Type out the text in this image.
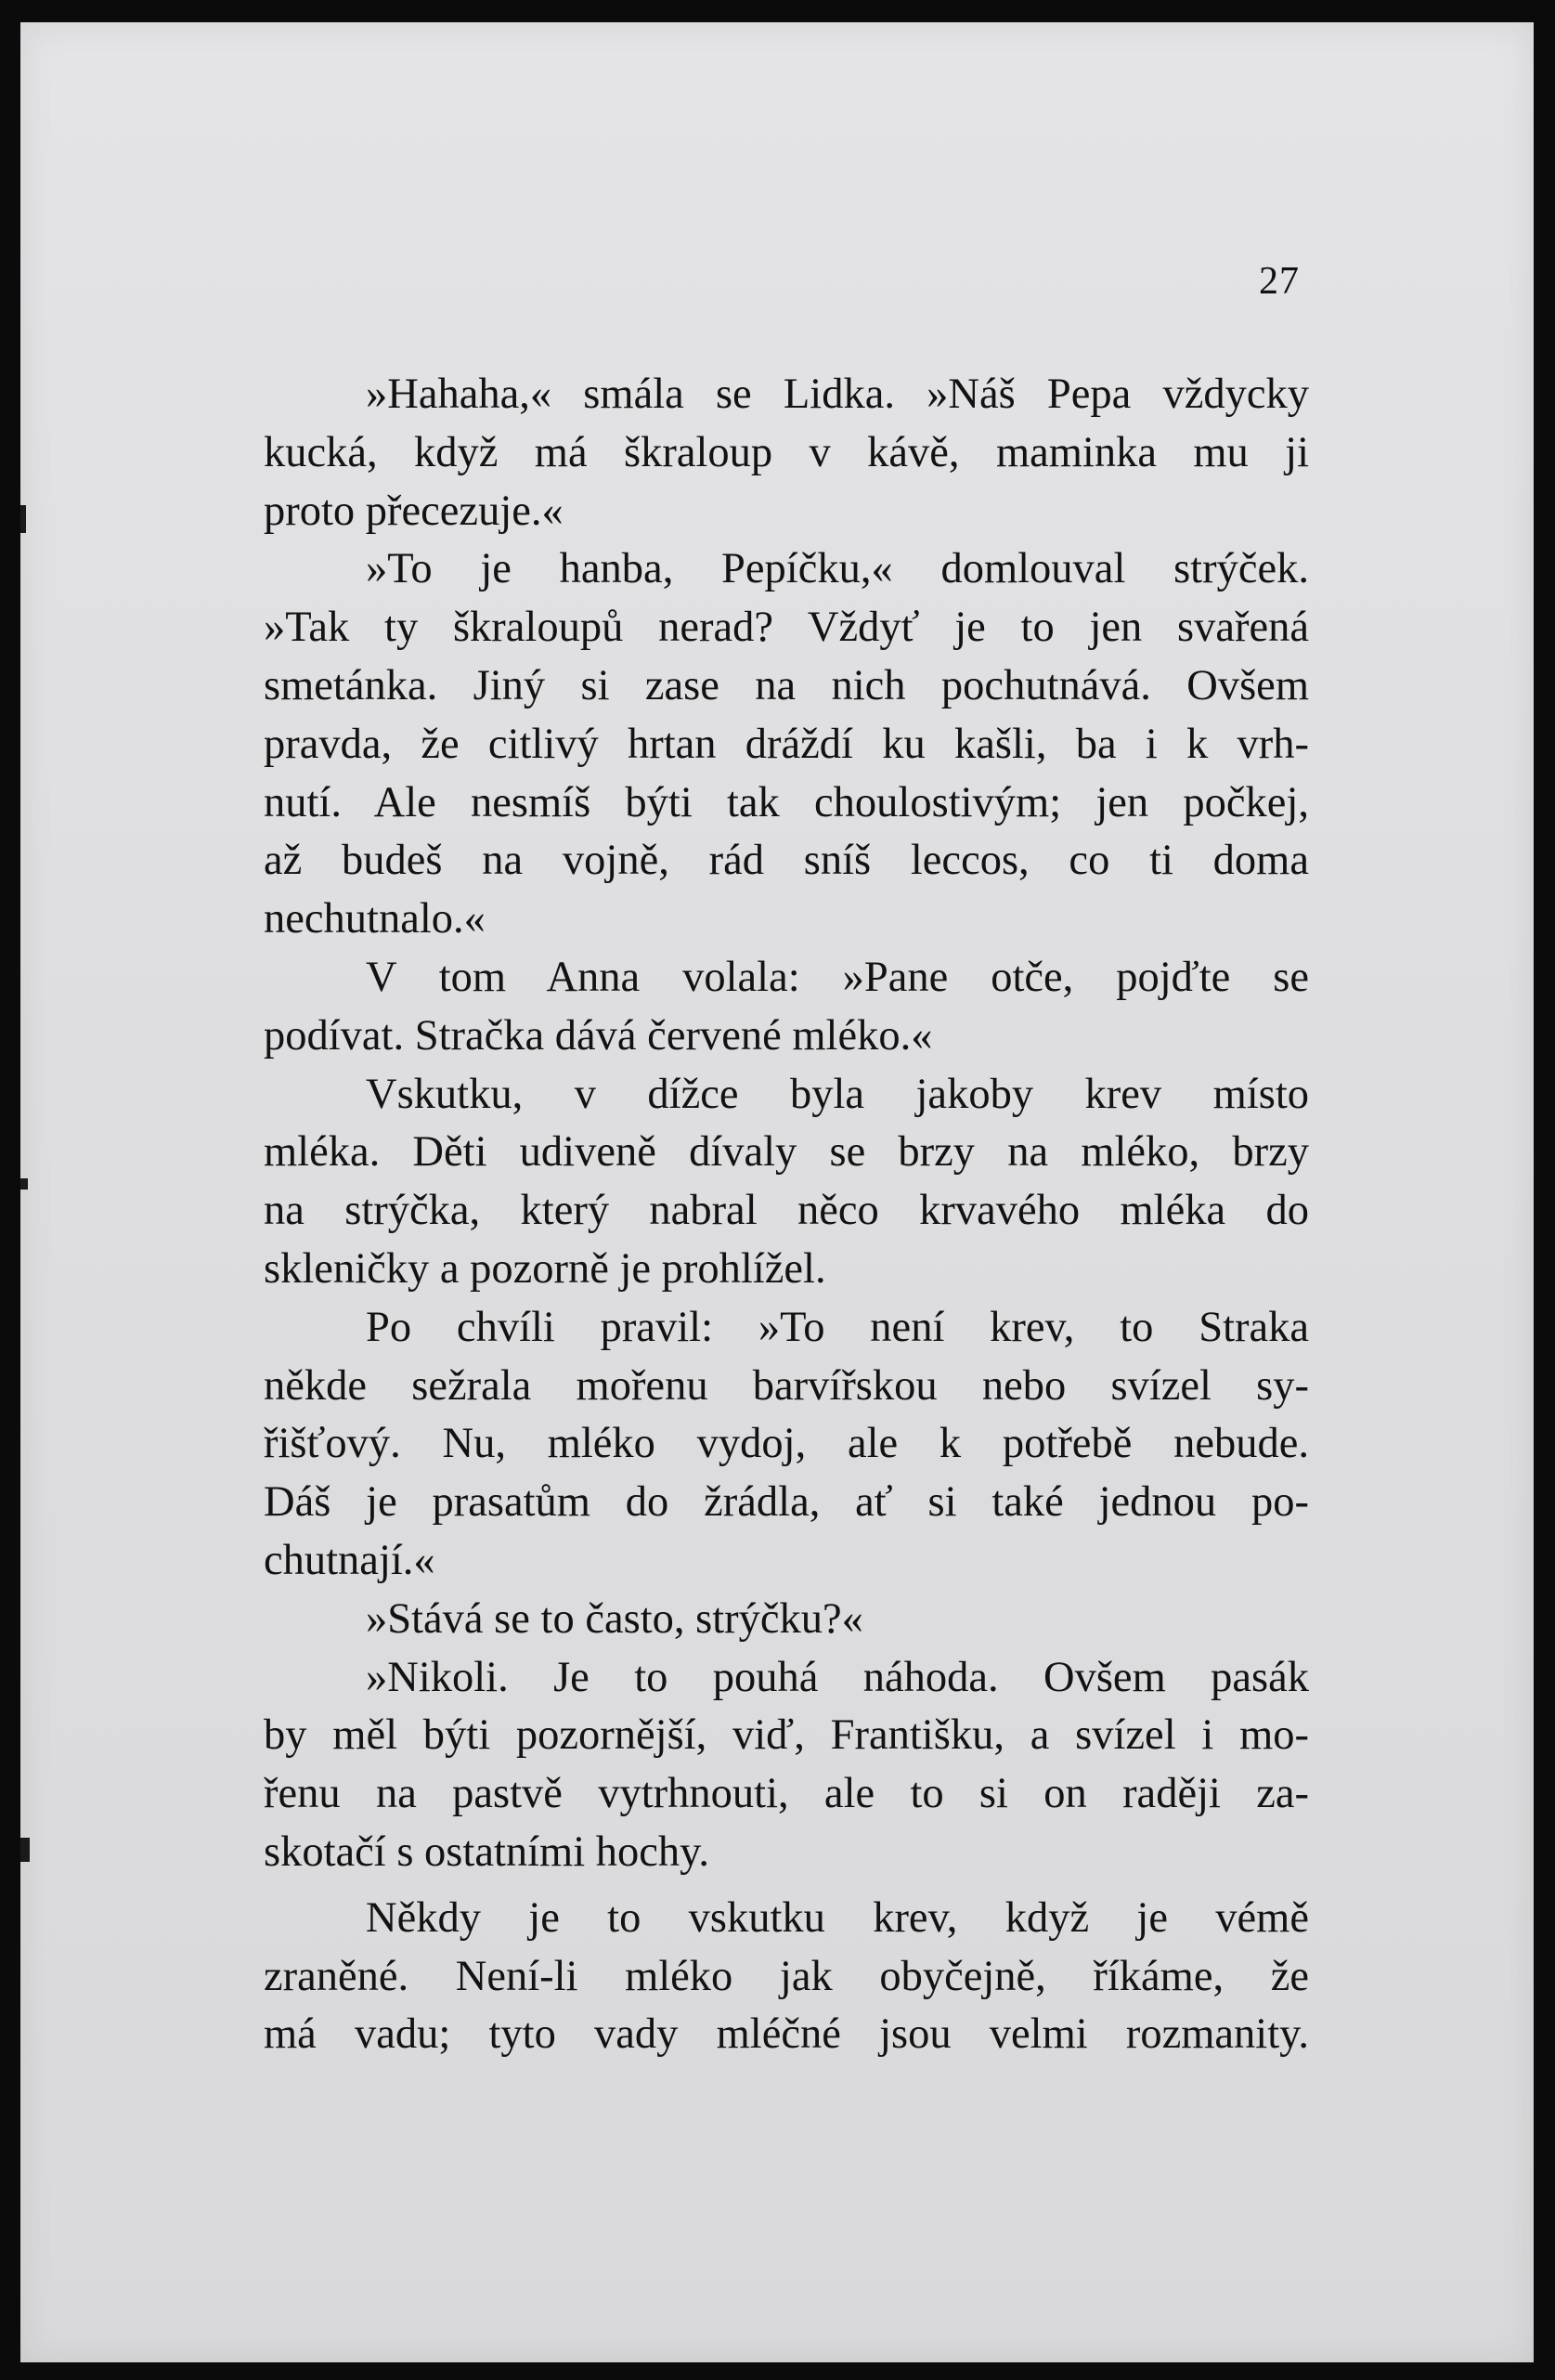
27
»Hahaha,« smála se Lidka. »Náš Pepa vždycky
kucká, když má škraloup v kávě, maminka mu ji
proto přecezuje.«
»To je hanba, Pepíčku,« domlouval strýček.
»Tak ty škraloupů nerad? Vždyť je to jen svařená
smetánka. Jiný si zase na nich pochutnává. Ovšem
pravda, že citlivý hrtan dráždí ku kašli, ba i k vrh-
nutí. Ale nesmíš býti tak choulostivým; jen počkej,
až budeš na vojně, rád sníš leccos, co ti doma
nechutnalo.«
V tom Anna volala: »Pane otče, pojďte se
podívat. Stračka dává červené mléko.«
Vskutku, v dížce byla jakoby krev místo
mléka. Děti udiveně dívaly se brzy na mléko, brzy
na strýčka, který nabral něco krvavého mléka do
skleničky a pozorně je prohlížel.
Po chvíli pravil: »To není krev, to Straka
někde sežrala mořenu barvířskou nebo svízel sy-
řišťový. Nu, mléko vydoj, ale k potřebě nebude.
Dáš je prasatům do žrádla, ať si také jednou po-
chutnají.«
»Stává se to často, strýčku?«
»Nikoli. Je to pouhá náhoda. Ovšem pasák
by měl býti pozornější, viď, Františku, a svízel i mo-
řenu na pastvě vytrhnouti, ale to si on raději za-
skotačí s ostatními hochy.
Někdy je to vskutku krev, když je vémě
zraněné. Není-li mléko jak obyčejně, říkáme, že
má vadu; tyto vady mléčné jsou velmi rozmanity.
